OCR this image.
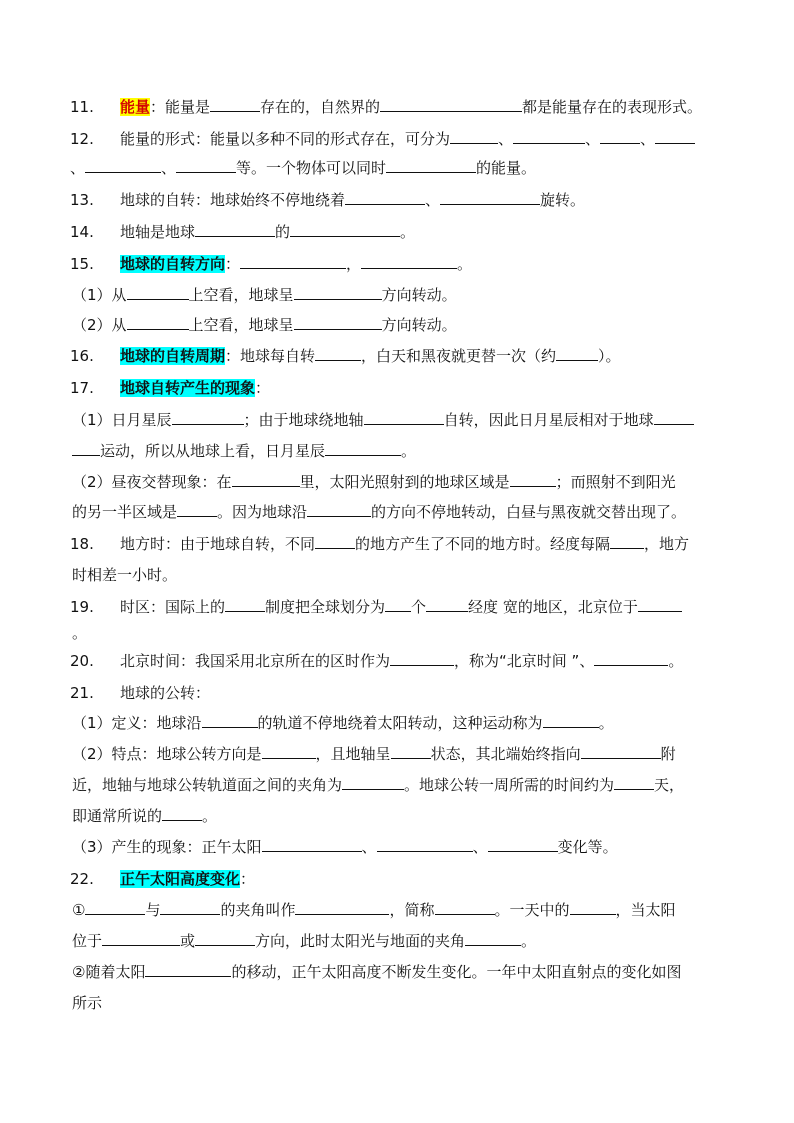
11. 能量：能量是	存在的，自然界的	都是能量存在的表现形式。
12. 能量的形式：能量以多种不同的形式存在，可分为	、	、	、
、	、	等。一个物体可以同时	的能量。
13. 地球的自转：地球始终不停地绕着	、	旋转。
14. 地轴是地球	的	。
15. 地球的自转方向：	，	。
（1）从	上空看，地球呈	方向转动。
（2）从	上空看，地球呈	方向转动。
16. 地球的自转周期：地球每自转	，白天和黑夜就更替一次（约	）。
17. 地球自转产生的现象：
（1）日月星辰	；由于地球绕地轴	自转，因此日月星辰相对于地球
运动，所以从地球上看，日月星辰	。
（2）昼夜交替现象：在	里，太阳光照射到的地球区域是	；而照射不到阳光
的另一半区域是	。因为地球沿	的方向不停地转动，白昼与黑夜就交替出现了。
18. 地方时：由于地球自转，不同	的地方产生了不同的地方时。经度每隔 ，地方
时相差一小时。
19. 时区：国际上的	制度把全球划分为 个	经度 宽的地区，北京位于
。
20. 北京时间：我国采用北京所在的区时作为	，称为“北京时间 ”、	。
21. 地球的公转：
（1）定义：地球沿	的轨道不停地绕着太阳转动，这种运动称为	。
（2）特点：地球公转方向是	，且地轴呈	状态，其北端始终指向	附
近，地轴与地球公转轨道面之间的夹角为	。地球公转一周所需的时间约为	天，
即通常所说的	。
（3）产生的现象：正午太阳	、	、	变化等。
22. 正午太阳高度变化：
①	与	的夹角叫作	，简称	。一天中的	，当太阳
位于	或	方向，此时太阳光与地面的夹角	。
②随着太阳	的移动，正午太阳高度不断发生变化。一年中太阳直射点的变化如图
所示
